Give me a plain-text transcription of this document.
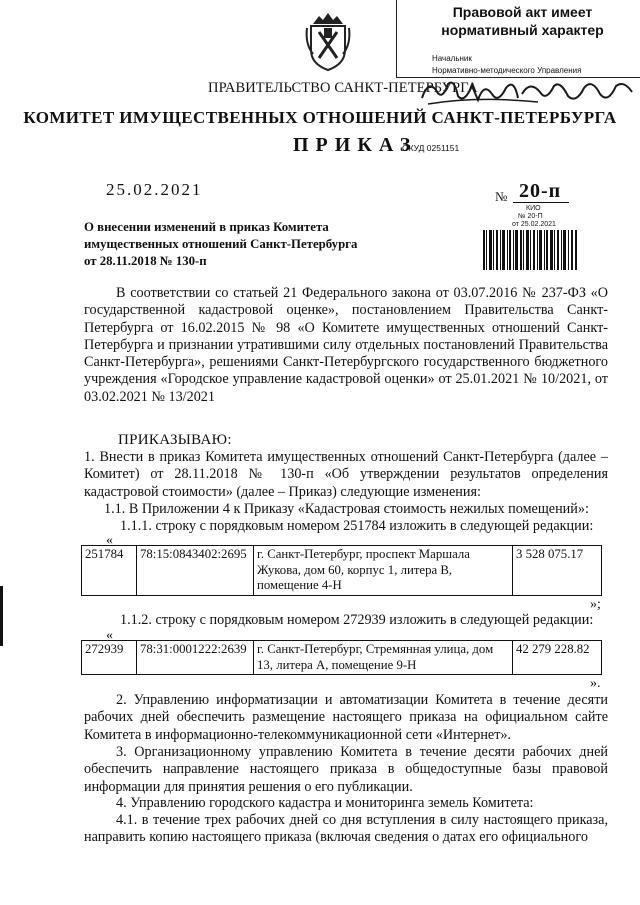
Правовой акт имеет
нормативный характер
Начальник
Нормативно-методического Управления
ПРАВИТЕЛЬСТВО САНКТ-ПЕТЕРБУРГА
КОМИТЕТ ИМУЩЕСТВЕННЫХ ОТНОШЕНИЙ САНКТ-ПЕТЕРБУРГА
ПРИКАЗ
ОКУД 0251151
25.02.2021	№ 20-п
КИО
№ 20-П
от 25.02.2021
О внесении изменений в приказ Комитета
имущественных отношений Санкт-Петербурга
от 28.11.2018 № 130-п
В соответствии со статьей 21 Федерального закона от 03.07.2016 № 237-ФЗ «О государственной кадастровой оценке», постановлением Правительства Санкт-Петербурга от 16.02.2015 № 98 «О Комитете имущественных отношений Санкт-Петербурга и признании утратившими силу отдельных постановлений Правительства Санкт-Петербурга», решениями Санкт-Петербургского государственного бюджетного учреждения «Городское управление кадастровой оценки» от 25.01.2021 № 10/2021, от 03.02.2021 № 13/2021
ПРИКАЗЫВАЮ:
1. Внести в приказ Комитета имущественных отношений Санкт-Петербурга (далее – Комитет) от 28.11.2018 № 130-п «Об утверждении результатов определения кадастровой стоимости» (далее – Приказ) следующие изменения:
1.1. В Приложении 4 к Приказу «Кадастровая стоимость нежилых помещений»:
1.1.1. строку с порядковым номером 251784 изложить в следующей редакции:
«
251784	78:15:0843402:2695	г. Санкт-Петербург, проспект Маршала Жукова, дом 60, корпус 1, литера В, помещение 4-Н	3 528 075.17
»;
1.1.2. строку с порядковым номером 272939 изложить в следующей редакции:
«
272939	78:31:0001222:2639	г. Санкт-Петербург, Стремянная улица, дом 13, литера А, помещение 9-Н	42 279 228.82
».
2. Управлению информатизации и автоматизации Комитета в течение десяти рабочих дней обеспечить размещение настоящего приказа на официальном сайте Комитета в информационно-телекоммуникационной сети «Интернет».
3. Организационному управлению Комитета в течение десяти рабочих дней обеспечить направление настоящего приказа в общедоступные базы правовой информации для принятия решения о его публикации.
4. Управлению городского кадастра и мониторинга земель Комитета:
4.1. в течение трех рабочих дней со дня вступления в силу настоящего приказа, направить копию настоящего приказа (включая сведения о датах его официального
